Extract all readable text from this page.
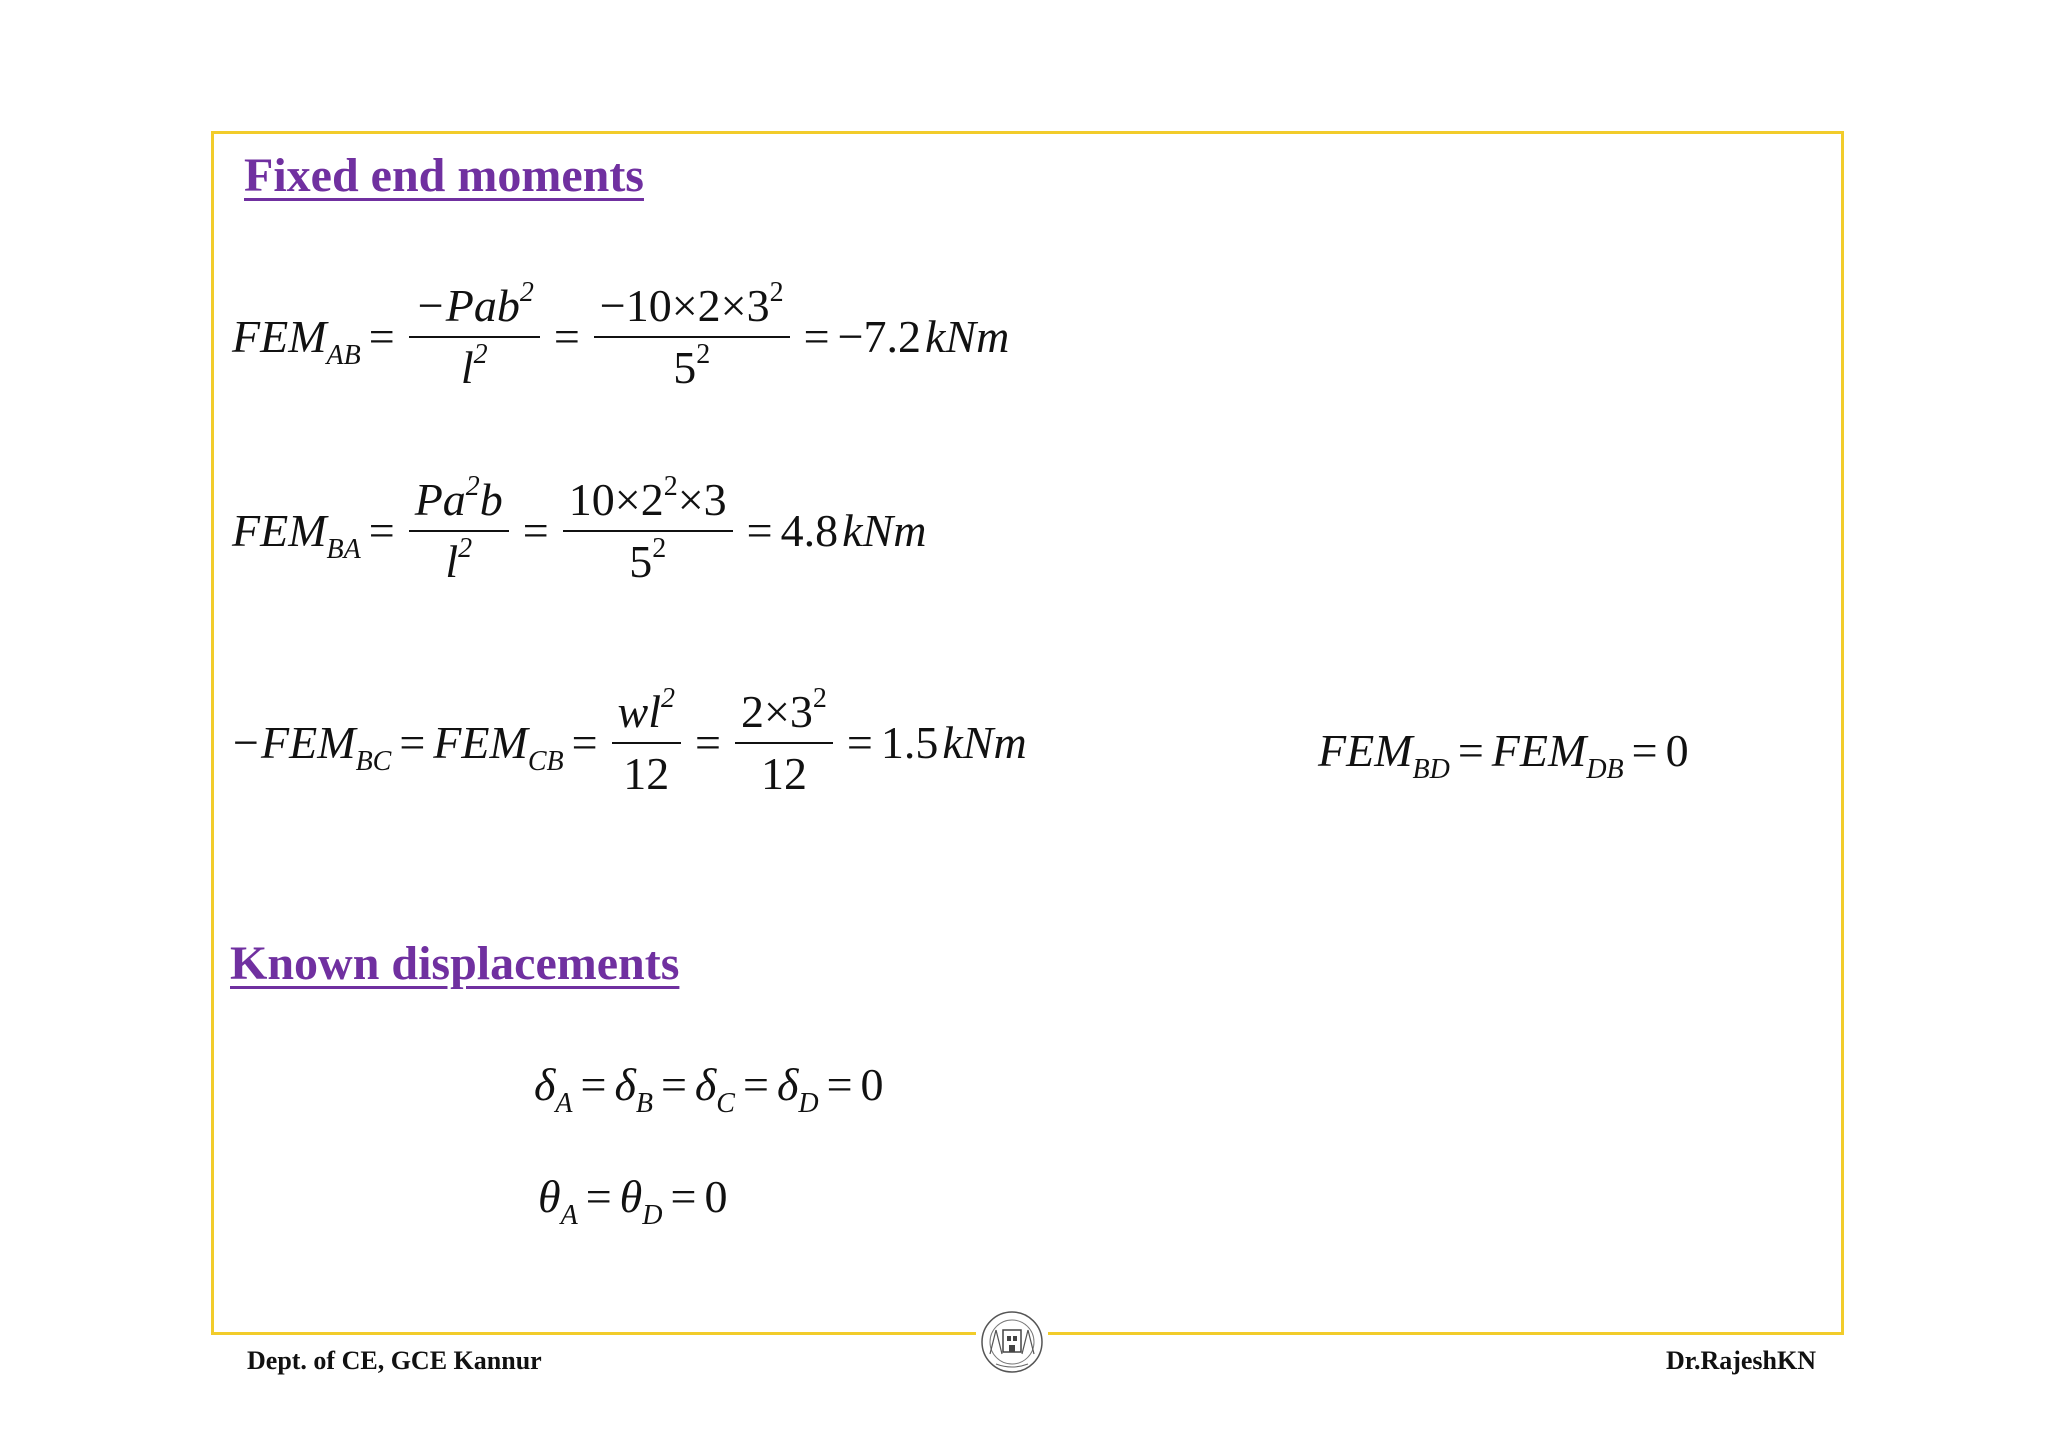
Fixed end moments
$FEM_{AB} = \frac{-Pab^2}{l^2} = \frac{-10\times 2\times 3^2}{5^2} = -7.2$ kNm
$FEM_{BA} = \frac{Pa^2b}{l^2} = \frac{10\times 2^2\times 3}{5^2} = 4.8$ kNm
$-FEM_{BC} = FEM_{CB} = \frac{wl^2}{12} = \frac{2\times 3^2}{12} = 1.5$ kNm	$FEM_{BD} = FEM_{DB} = 0$
Known displacements
$\delta_A = \delta_B = \delta_C = \delta_D = 0$
$\theta_A = \theta_D = 0$
Dept. of CE, GCE Kannur	Dr.RajeshKN
